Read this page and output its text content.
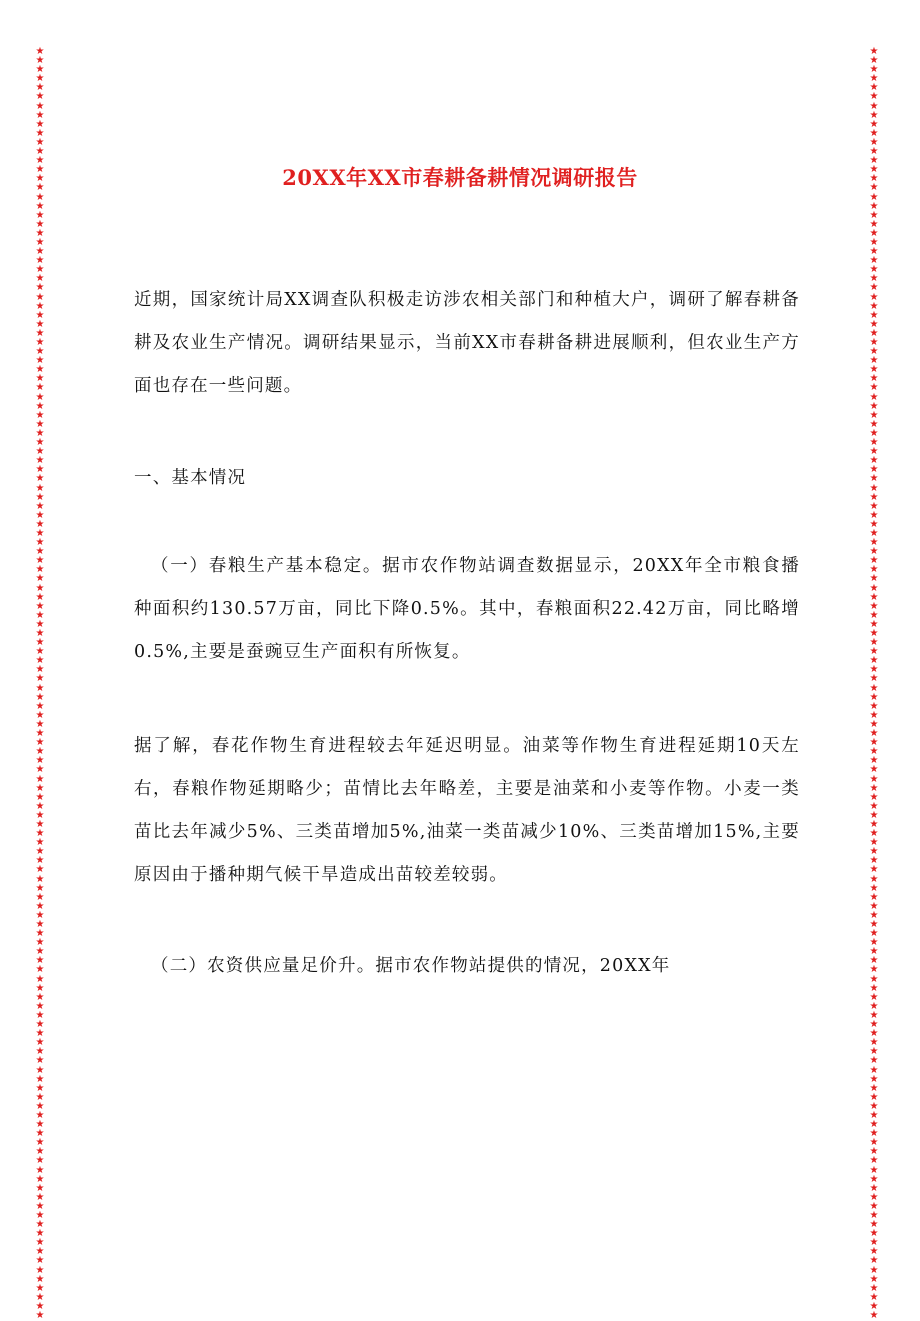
★
★
★
★
★
★
★
★
★
★
★
★
★
★
★
★
★
★
★
★
★
★
★
★
★
★
★
★
★
★
★
★
★
★
★
★
★
★
★
★
★
★
★
★
★
★
★
★
★
★
★
★
★
★
★
★
★
★
★
★
★
★
★
★
★
★
★
★
★
★
★
★
★
★
★
★
★
★
★
★
★
★
★
★
★
★
★
★
★
★
★
★
★
★
★
★
★
★
★
★
★
★
★
★
★
★
★
★
★
★
★
★
★
★
★
★
★
★
★
★
★
★
★
★
★
★
★
★
★
★
★
★
★
★
★
★
★
★
★
★
★
★
★
★
★
★
★
★
★
★
★
★
★
★
★
★
★
★
★
★
★
★
★
★
★
★
★
★
★
★
★
★
★
★
★
★
★
★
★
★
★
★
★
★
★
★
★
★
★
★
★
★
★
★
★
★
★
★
★
★
★
★
★
★
★
★
★
★
★
★
★
★
★
★
★
★
★
★
★
★
★
★
★
★
★
★
★
★
★
★
★
★
★
★
★
★
★
★
★
★
★
★
★
★
★
★
★
★
★
★
★
★
★
★
★
★
★
★
★
★
★
★
★
★
★
★
★
★
★
★
★
★
★
★
★
★
★
★
★
★
20XX年XX市春耕备耕情况调研报告

近期，国家统计局XX调查队积极走访涉农相关部门和种植大户，调研了解春耕备耕及农业生产情况。调研结果显示，当前XX市春耕备耕进展顺利，但农业生产方面也存在一些问题。

一、基本情况

（一）春粮生产基本稳定。据市农作物站调查数据显示，20XX年全市粮食播种面积约130.57万亩，同比下降0.5%。其中，春粮面积22.42万亩，同比略增0.5%,主要是蚕豌豆生产面积有所恢复。

据了解，春花作物生育进程较去年延迟明显。油菜等作物生育进程延期10天左右，春粮作物延期略少；苗情比去年略差，主要是油菜和小麦等作物。小麦一类苗比去年减少5%、三类苗增加5%,油菜一类苗减少10%、三类苗增加15%,主要原因由于播种期气候干旱造成出苗较差较弱。

（二）农资供应量足价升。据市农作物站提供的情况，20XX年
